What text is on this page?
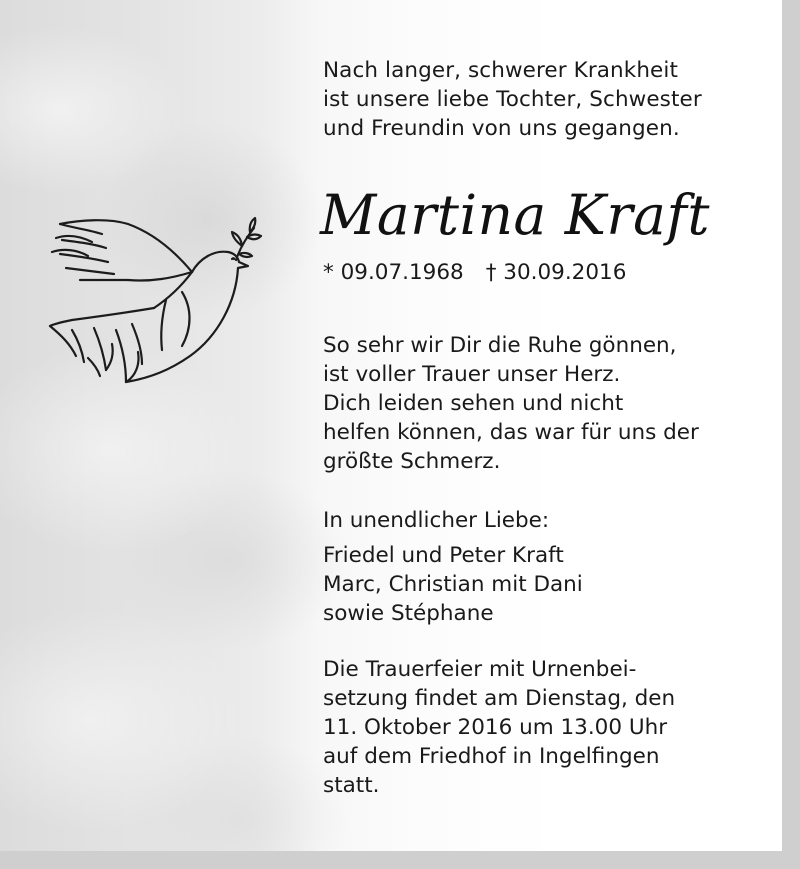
Nach langer, schwerer Krankheit
ist unsere liebe Tochter, Schwester
und Freundin von uns gegangen.
Martina Kraft
* 09.07.1968 † 30.09.2016
So sehr wir Dir die Ruhe gönnen,
ist voller Trauer unser Herz.
Dich leiden sehen und nicht
helfen können, das war für uns der
größte Schmerz.
In unendlicher Liebe:
Friedel und Peter Kraft
Marc, Christian mit Dani
sowie Stéphane
Die Trauerfeier mit Urnenbei-
setzung findet am Dienstag, den
11. Oktober 2016 um 13.00 Uhr
auf dem Friedhof in Ingelfingen
statt.
